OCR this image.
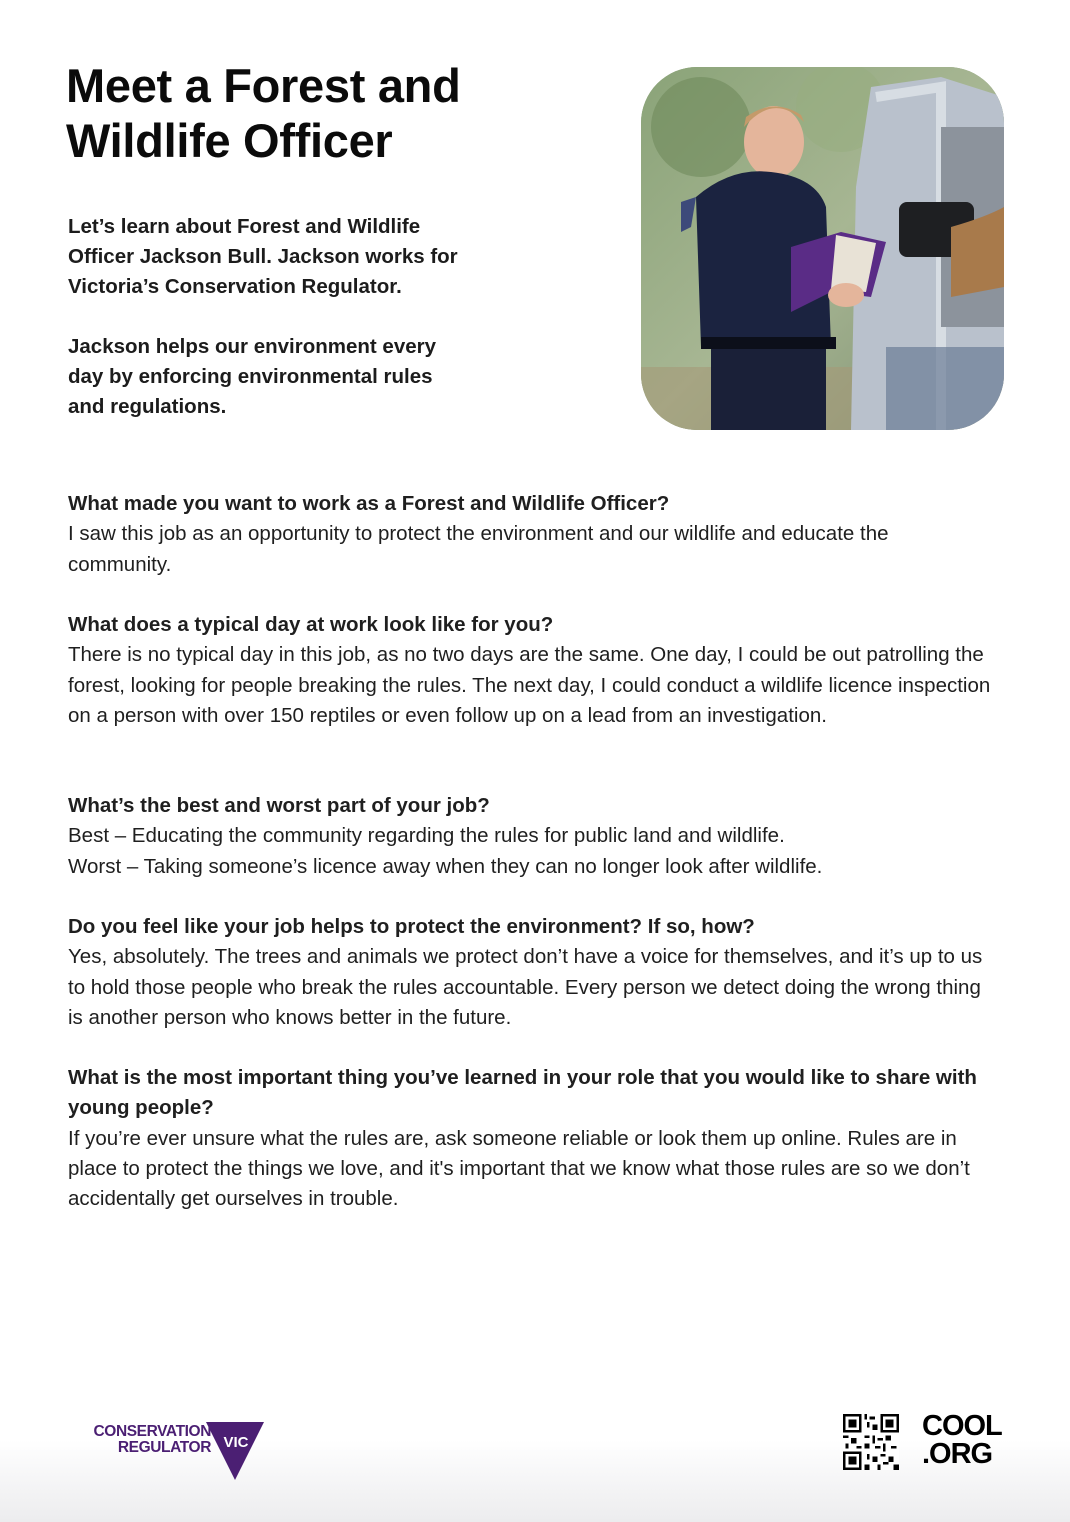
Meet a Forest and
Wildlife Officer

Let’s learn about Forest and Wildlife Officer Jackson Bull. Jackson works for Victoria’s Conservation Regulator.

Jackson helps our environment every day by enforcing environmental rules and regulations.

What made you want to work as a Forest and Wildlife Officer?

I saw this job as an opportunity to protect the environment and our wildlife and educate the community.

What does a typical day at work look like for you?

There is no typical day in this job, as no two days are the same. One day, I could be out patrolling the forest, looking for people breaking the rules. The next day, I could conduct a wildlife licence inspection on a person with over 150 reptiles or even follow up on a lead from an investigation.

What’s the best and worst part of your job?

Best – Educating the community regarding the rules for public land and wildlife.

Worst – Taking someone’s licence away when they can no longer look after wildlife.

Do you feel like your job helps to protect the environment? If so, how?

Yes, absolutely. The trees and animals we protect don’t have a voice for themselves, and it’s up to us to hold those people who break the rules accountable. Every person we detect doing the wrong thing is another person who knows better in the future.

What is the most important thing you’ve learned in your role that you would like to share with young people?

If you’re ever unsure what the rules are, ask someone reliable or look them up online. Rules are in place to protect the things we love, and it's important that we know what those rules are so we don’t accidentally get ourselves in trouble.

CONSERVATION
REGULATOR VIC
COOL
.ORG
